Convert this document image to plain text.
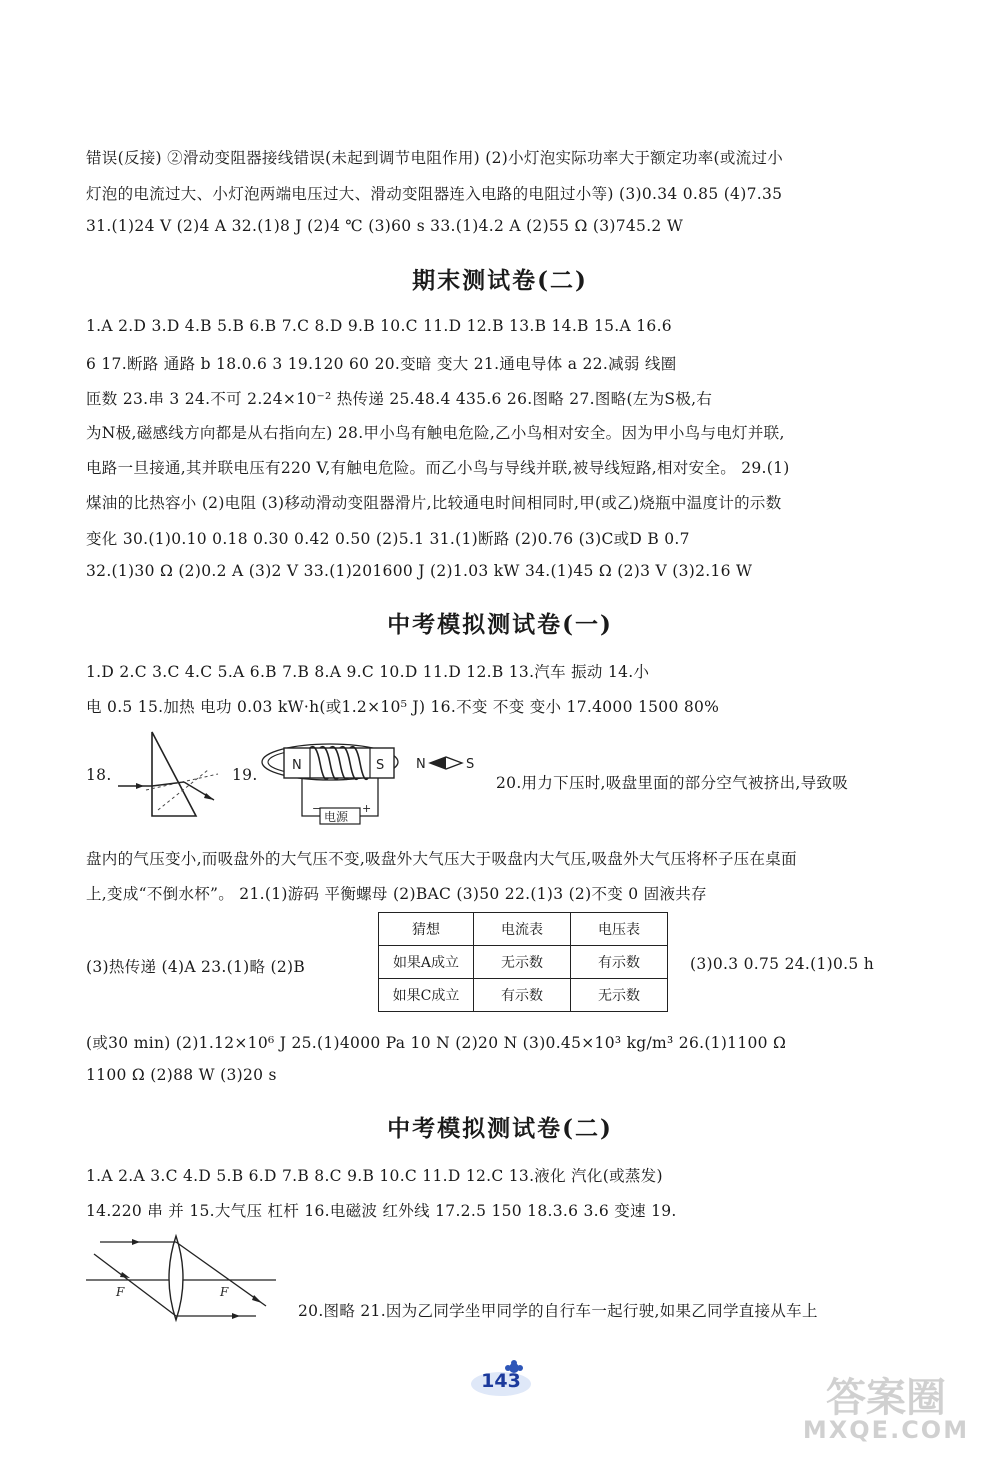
错误(反接) ②滑动变阻器接线错误(未起到调节电阻作用) (2)小灯泡实际功率大于额定功率(或流过小
灯泡的电流过大、小灯泡两端电压过大、滑动变阻器连入电路的电阻过小等) (3)0.34 0.85 (4)7.35
31.(1)24 V (2)4 A 32.(1)8 J (2)4 ℃ (3)60 s 33.(1)4.2 A (2)55 Ω (3)745.2 W
期末测试卷(二)
1.A 2.D 3.D 4.B 5.B 6.B 7.C 8.D 9.B 10.C 11.D 12.B 13.B 14.B 15.A 16.6
6 17.断路 通路 b 18.0.6 3 19.120 60 20.变暗 变大 21.通电导体 a 22.减弱 线圈
匝数 23.串 3 24.不可 2.24×10⁻² 热传递 25.48.4 435.6 26.图略 27.图略(左为S极,右
为N极,磁感线方向都是从右指向左) 28.甲小鸟有触电危险,乙小鸟相对安全。因为甲小鸟与电灯并联,
电路一旦接通,其并联电压有220 V,有触电危险。而乙小鸟与导线并联,被导线短路,相对安全。 29.(1)
煤油的比热容小 (2)电阻 (3)移动滑动变阻器滑片,比较通电时间相同时,甲(或乙)烧瓶中温度计的示数
变化 30.(1)0.10 0.18 0.30 0.42 0.50 (2)5.1 31.(1)断路 (2)0.76 (3)C或D B 0.7
32.(1)30 Ω (2)0.2 A (3)2 V 33.(1)201600 J (2)1.03 kW 34.(1)45 Ω (2)3 V (3)2.16 W
中考模拟测试卷(一)
1.D 2.C 3.C 4.C 5.A 6.B 7.B 8.A 9.C 10.D 11.D 12.B 13.汽车 振动 14.小
电 0.5 15.加热 电功 0.03 kW·h(或1.2×10⁵ J) 16.不变 不变 变小 17.4000 1500 80%
18.	19.
N	S
电源
−	+
N	S
20.用力下压时,吸盘里面的部分空气被挤出,导致吸
盘内的气压变小,而吸盘外的大气压不变,吸盘外大气压大于吸盘内大气压,吸盘外大气压将杯子压在桌面
上,变成“不倒水杯”。 21.(1)游码 平衡螺母 (2)BAC (3)50 22.(1)3 (2)不变 0 固液共存
(3)热传递 (4)A 23.(1)略 (2)B
猜想	电流表	电压表
如果A成立	无示数	有示数
如果C成立	有示数	无示数
(3)0.3 0.75 24.(1)0.5 h
(或30 min) (2)1.12×10⁶ J 25.(1)4000 Pa 10 N (2)20 N (3)0.45×10³ kg/m³ 26.(1)1100 Ω
1100 Ω (2)88 W (3)20 s
中考模拟测试卷(二)
1.A 2.A 3.C 4.D 5.B 6.D 7.B 8.C 9.B 10.C 11.D 12.C 13.液化 汽化(或蒸发)
14.220 串 并 15.大气压 杠杆 16.电磁波 红外线 17.2.5 150 18.3.6 3.6 变速 19.
F	F
20.图略 21.因为乙同学坐甲同学的自行车一起行驶,如果乙同学直接从车上
143	答案圈
MXQE.COM
